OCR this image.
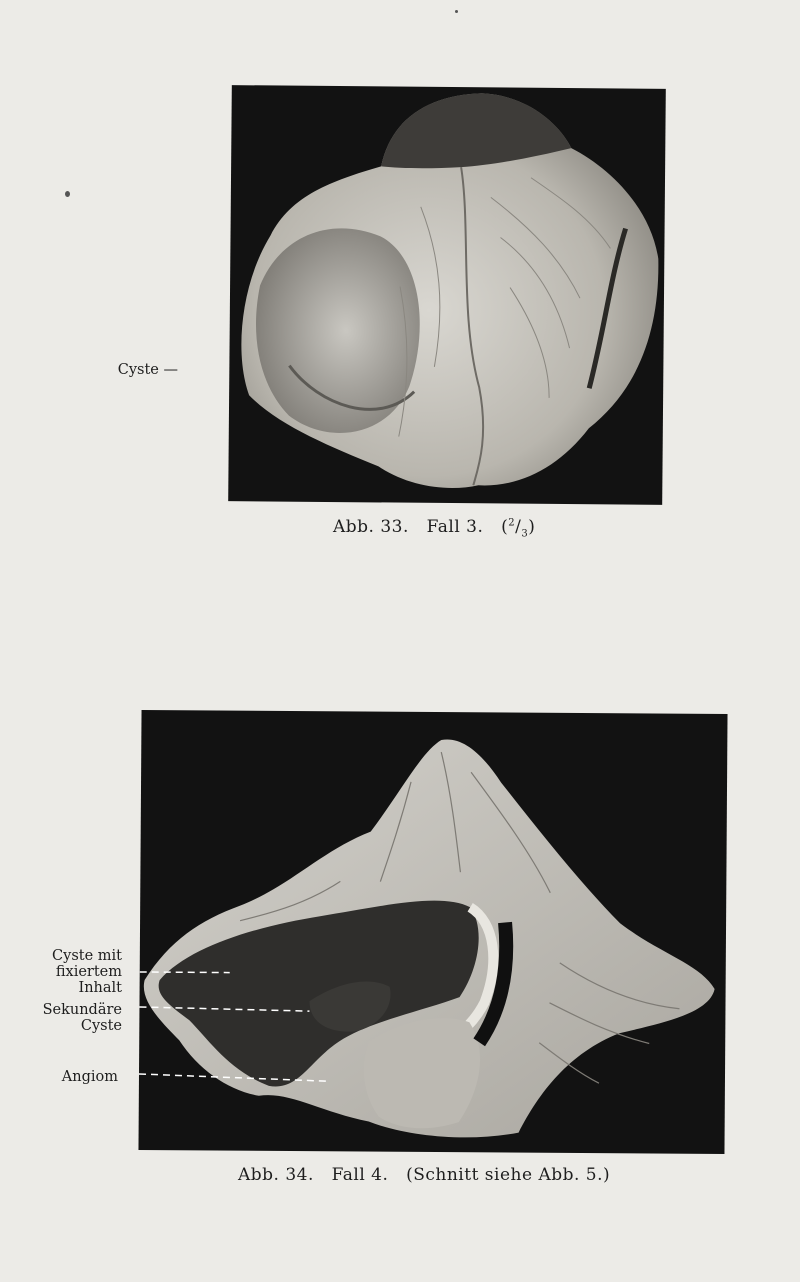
Cyste —
Abb. 33. Fall 3. $(^2/_3)$
Cyste mit
fixiertem
Inhalt
Sekundäre
Cyste
Angiom
Abb. 34. Fall 4. (Schnitt siehe Abb. 5.)
